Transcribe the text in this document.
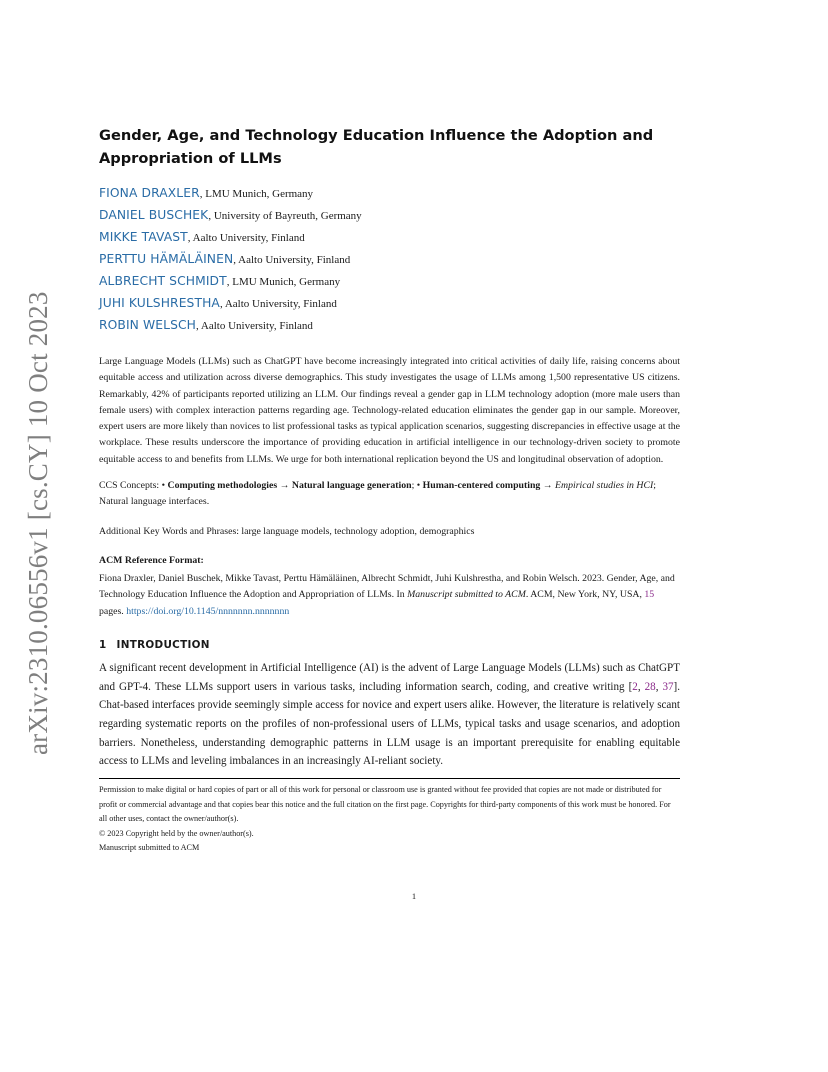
arXiv:2310.06556v1 [cs.CY] 10 Oct 2023
Gender, Age, and Technology Education Influence the Adoption and Appropriation of LLMs
FIONA DRAXLER, LMU Munich, Germany
DANIEL BUSCHEK, University of Bayreuth, Germany
MIKKE TAVAST, Aalto University, Finland
PERTTU HÄMÄLÄINEN, Aalto University, Finland
ALBRECHT SCHMIDT, LMU Munich, Germany
JUHI KULSHRESTHA, Aalto University, Finland
ROBIN WELSCH, Aalto University, Finland

Large Language Models (LLMs) such as ChatGPT have become increasingly integrated into critical activities of daily life, raising concerns about equitable access and utilization across diverse demographics. This study investigates the usage of LLMs among 1,500 representative US citizens. Remarkably, 42% of participants reported utilizing an LLM. Our findings reveal a gender gap in LLM technology adoption (more male users than female users) with complex interaction patterns regarding age. Technology-related education eliminates the gender gap in our sample. Moreover, expert users are more likely than novices to list professional tasks as typical application scenarios, suggesting discrepancies in effective usage at the workplace. These results underscore the importance of providing education in artificial intelligence in our technology-driven society to promote equitable access to and benefits from LLMs. We urge for both international replication beyond the US and longitudinal observation of adoption.

CCS Concepts: • Computing methodologies → Natural language generation; • Human-centered computing → Empirical studies in HCI; Natural language interfaces.

Additional Key Words and Phrases: large language models, technology adoption, demographics

ACM Reference Format:

Fiona Draxler, Daniel Buschek, Mikke Tavast, Perttu Hämäläinen, Albrecht Schmidt, Juhi Kulshrestha, and Robin Welsch. 2023. Gender, Age, and Technology Education Influence the Adoption and Appropriation of LLMs. In Manuscript submitted to ACM. ACM, New York, NY, USA, 15 pages. https://doi.org/10.1145/nnnnnnn.nnnnnnn

1 INTRODUCTION

A significant recent development in Artificial Intelligence (AI) is the advent of Large Language Models (LLMs) such as ChatGPT and GPT-4. These LLMs support users in various tasks, including information search, coding, and creative writing [2, 28, 37]. Chat-based interfaces provide seemingly simple access for novice and expert users alike. However, the literature is relatively scant regarding systematic reports on the profiles of non-professional users of LLMs, typical tasks and usage scenarios, and adoption barriers. Nonetheless, understanding demographic patterns in LLM usage is an important prerequisite for enabling equitable access to LLMs and leveling imbalances in an increasingly AI-reliant society.

Permission to make digital or hard copies of part or all of this work for personal or classroom use is granted without fee provided that copies are not made or distributed for profit or commercial advantage and that copies bear this notice and the full citation on the first page. Copyrights for third-party components of this work must be honored. For all other uses, contact the owner/author(s).

© 2023 Copyright held by the owner/author(s).

Manuscript submitted to ACM

1
